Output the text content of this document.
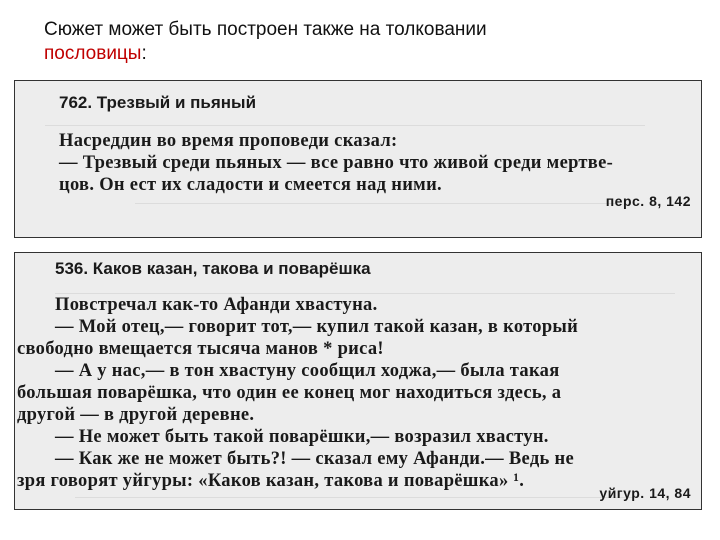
Сюжет может быть построен также на толковании
пословицы:
762. Трезвый и пьяный
Насреддин во время проповеди сказал:
— Трезвый среди пьяных — все равно что живой среди мертве-
цов. Он ест их сладости и смеется над ними.
перс. 8, 142
536. Каков казан, такова и поварёшка
Повстречал как-то Афанди хвастуна.
— Мой отец,— говорит тот,— купил такой казан, в который
свободно вмещается тысяча манов * риса!
— А у нас,— в тон хвастуну сообщил ходжа,— была такая
большая поварёшка, что один ее конец мог находиться здесь, а
другой — в другой деревне.
— Не может быть такой поварёшки,— возразил хвастун.
— Как же не может быть?! — сказал ему Афанди.— Ведь не
зря говорят уйгуры: «Каков казан, такова и поварёшка» ¹.
уйгур. 14, 84
